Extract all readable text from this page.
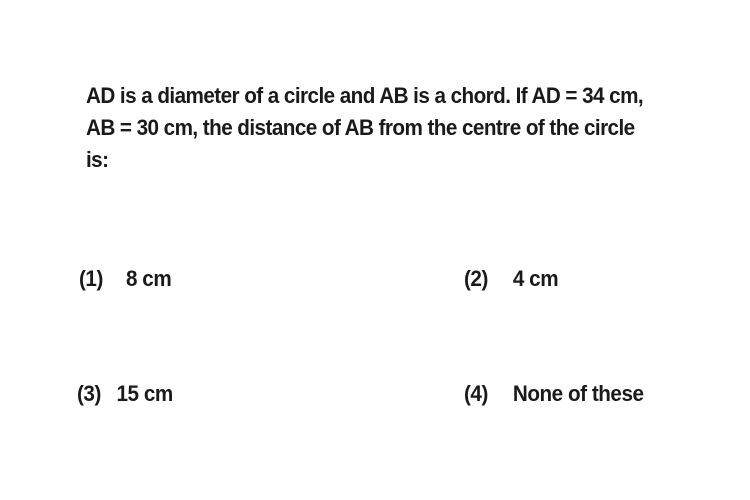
AD is a diameter of a circle and AB is a chord. If AD = 34 cm,
AB = 30 cm, the distance of AB from the centre of the circle
is:
(1) 8 cm	(2) 4 cm
(3) 15 cm	(4) None of these
